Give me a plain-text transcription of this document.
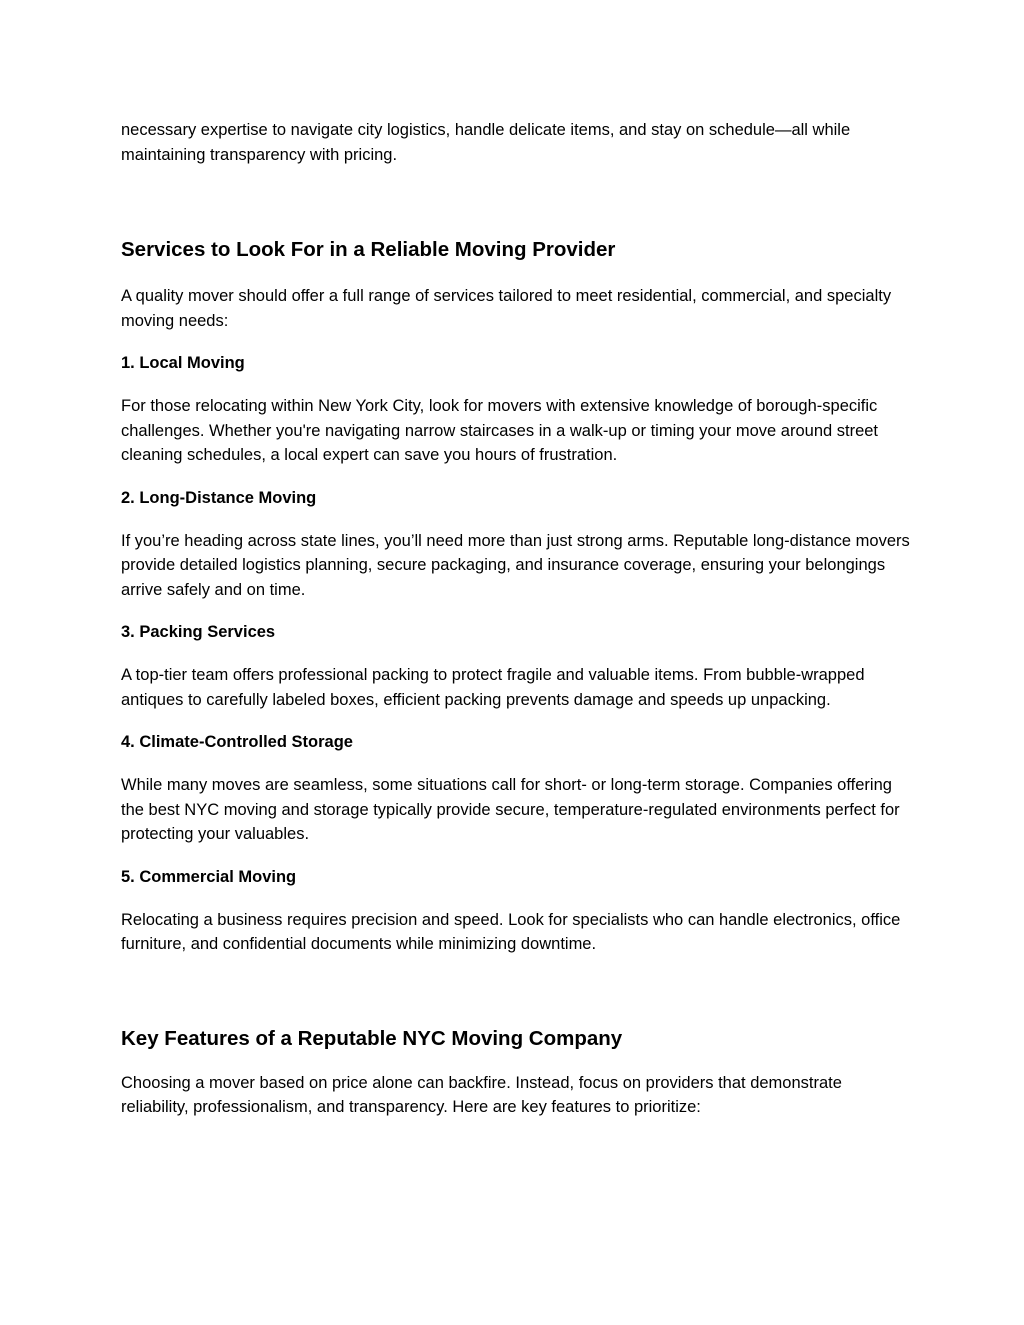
necessary expertise to navigate city logistics, handle delicate items, and stay on schedule—all while maintaining transparency with pricing.

Services to Look For in a Reliable Moving Provider

A quality mover should offer a full range of services tailored to meet residential, commercial, and specialty moving needs:

1. Local Moving

For those relocating within New York City, look for movers with extensive knowledge of borough-specific challenges. Whether you're navigating narrow staircases in a walk-up or timing your move around street cleaning schedules, a local expert can save you hours of frustration.

2. Long-Distance Moving

If you’re heading across state lines, you’ll need more than just strong arms. Reputable long-distance movers provide detailed logistics planning, secure packaging, and insurance coverage, ensuring your belongings arrive safely and on time.

3. Packing Services

A top-tier team offers professional packing to protect fragile and valuable items. From bubble-wrapped antiques to carefully labeled boxes, efficient packing prevents damage and speeds up unpacking.

4. Climate-Controlled Storage

While many moves are seamless, some situations call for short- or long-term storage. Companies offering the best NYC moving and storage typically provide secure, temperature-regulated environments perfect for protecting your valuables.

5. Commercial Moving

Relocating a business requires precision and speed. Look for specialists who can handle electronics, office furniture, and confidential documents while minimizing downtime.

Key Features of a Reputable NYC Moving Company

Choosing a mover based on price alone can backfire. Instead, focus on providers that demonstrate reliability, professionalism, and transparency. Here are key features to prioritize:
